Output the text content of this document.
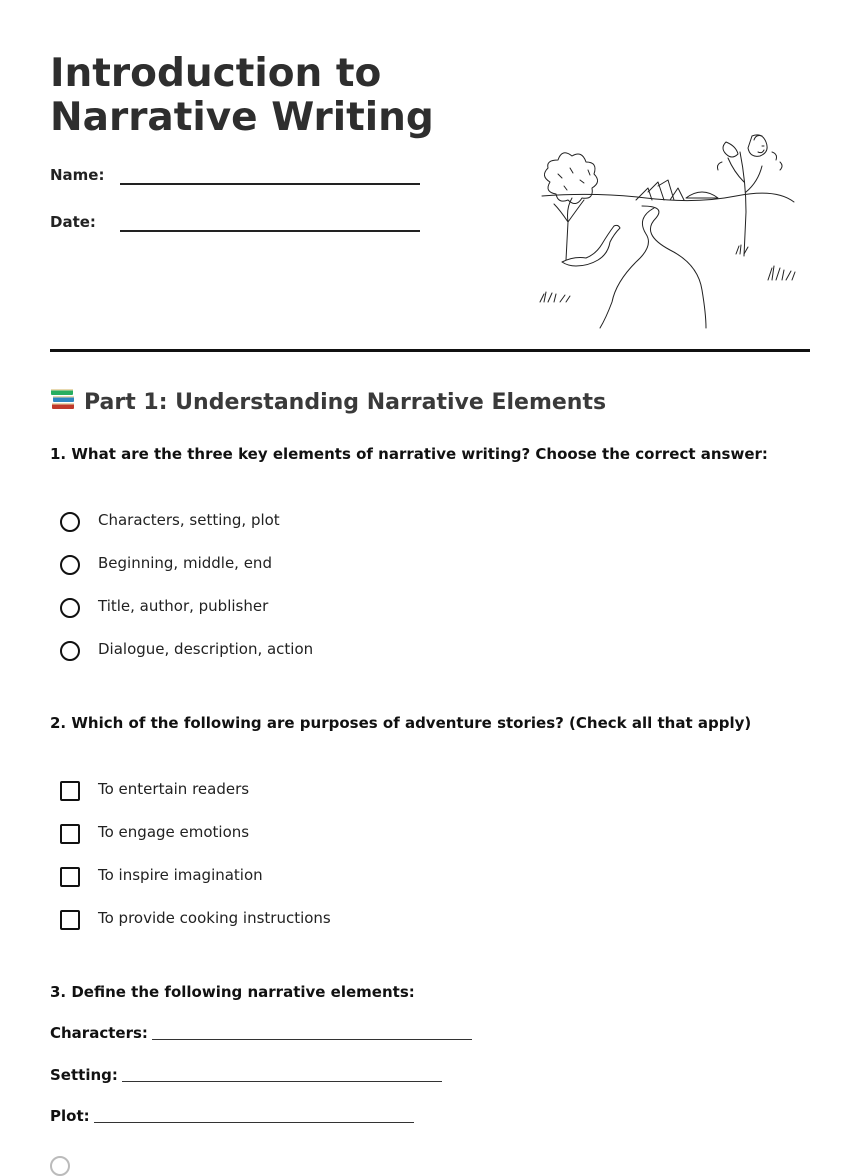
Introduction to
Narrative Writing
Name:
Date:
Part 1: Understanding Narrative Elements

1. What are the three key elements of narrative writing? Choose the correct answer:

Characters, setting, plot
Beginning, middle, end
Title, author, publisher
Dialogue, description, action

2. Which of the following are purposes of adventure stories? (Check all that apply)

To entertain readers
To engage emotions
To inspire imagination
To provide cooking instructions

3. Define the following narrative elements:

Characters:
Setting:
Plot:
